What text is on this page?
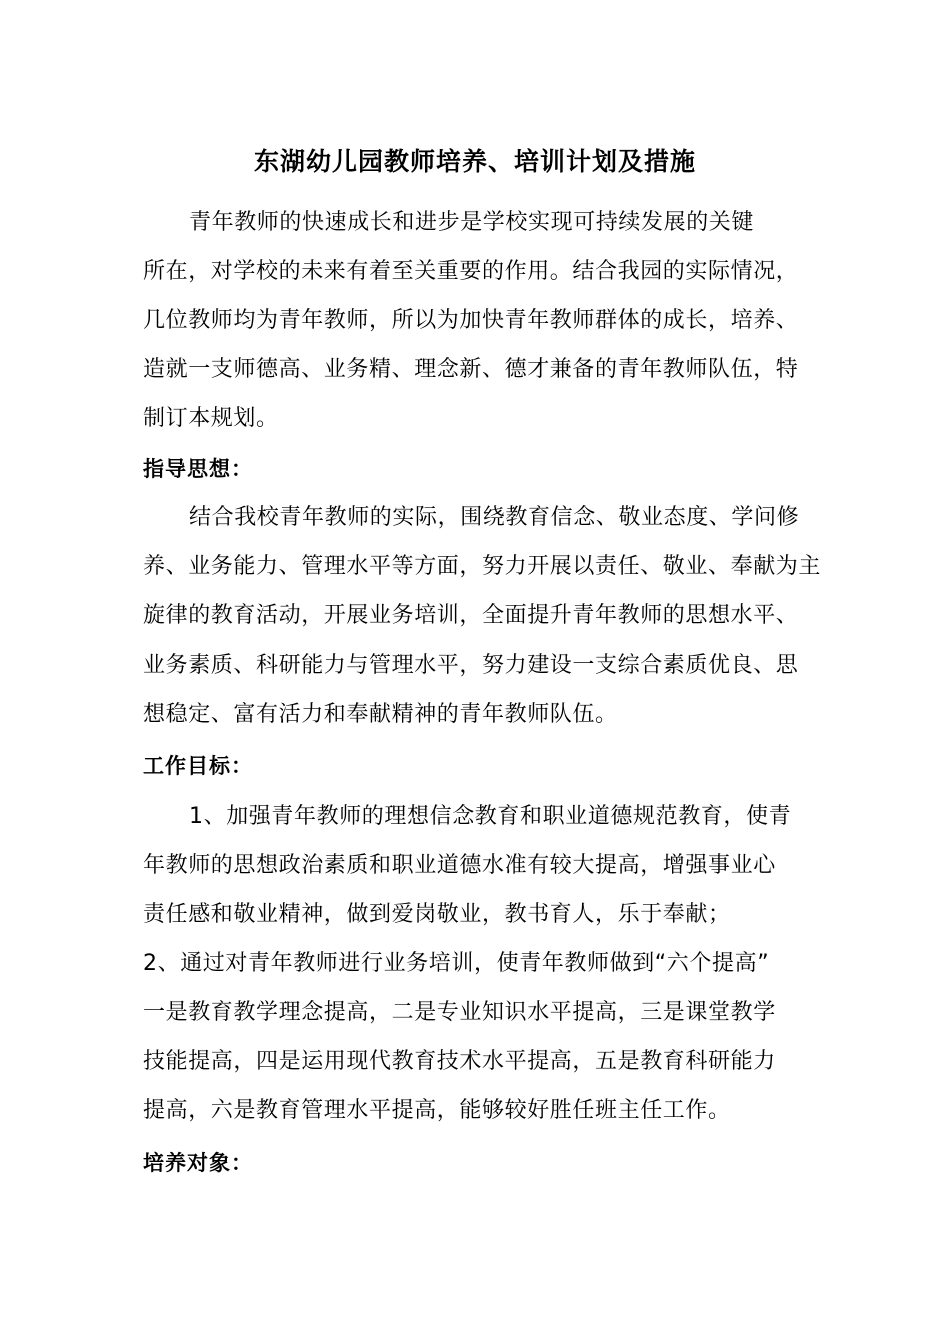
东湖幼儿园教师培养、培训计划及措施
青年教师的快速成长和进步是学校实现可持续发展的关键
所在，对学校的未来有着至关重要的作用。结合我园的实际情况，
几位教师均为青年教师，所以为加快青年教师群体的成长，培养、
造就一支师德高、业务精、理念新、德才兼备的青年教师队伍，特
制订本规划。
指导思想：
结合我校青年教师的实际，围绕教育信念、敬业态度、学问修
养、业务能力、管理水平等方面，努力开展以责任、敬业、奉献为主
旋律的教育活动，开展业务培训，全面提升青年教师的思想水平、
业务素质、科研能力与管理水平，努力建设一支综合素质优良、思
想稳定、富有活力和奉献精神的青年教师队伍。
工作目标：
1、加强青年教师的理想信念教育和职业道德规范教育，使青
年教师的思想政治素质和职业道德水准有较大提高，增强事业心
责任感和敬业精神，做到爱岗敬业，教书育人，乐于奉献；
2、通过对青年教师进行业务培训，使青年教师做到“六个提高”
一是教育教学理念提高，二是专业知识水平提高，三是课堂教学
技能提高，四是运用现代教育技术水平提高，五是教育科研能力
提高，六是教育管理水平提高，能够较好胜任班主任工作。
培养对象：
